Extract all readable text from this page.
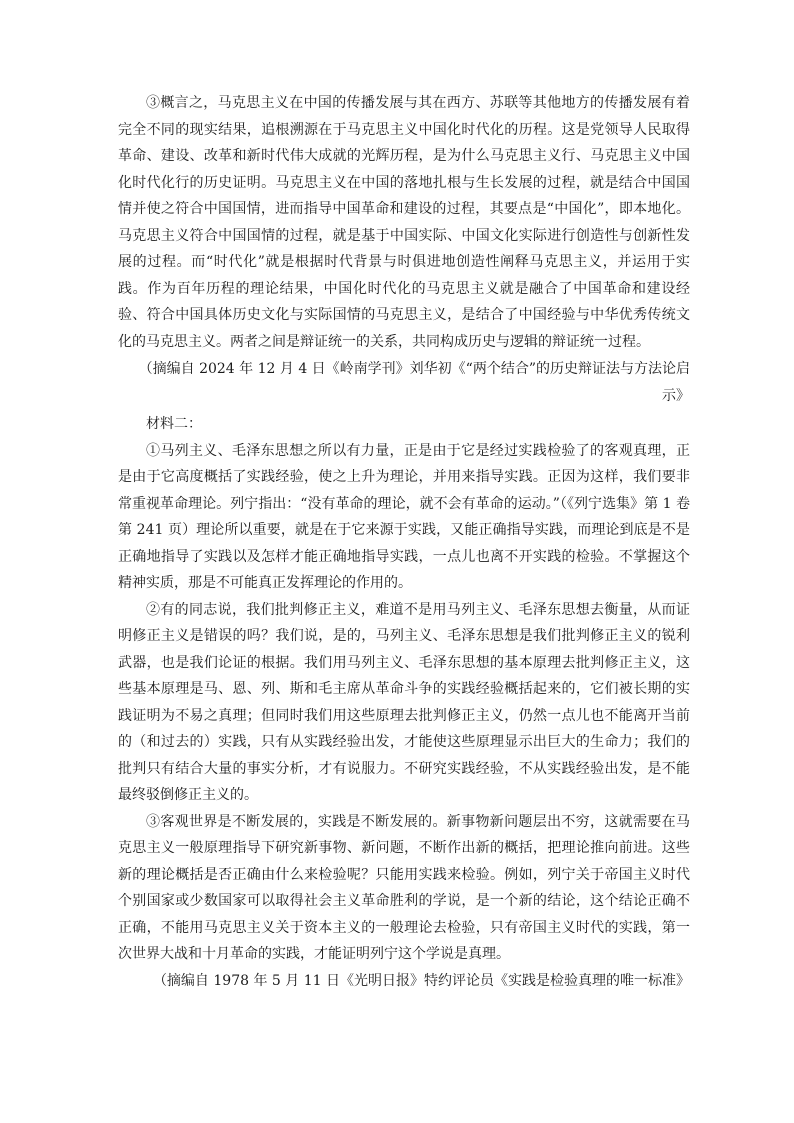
③概言之，马克思主义在中国的传播发展与其在西方、苏联等其他地方的传播发展有着完全不同的现实结果，追根溯源在于马克思主义中国化时代化的历程。这是党领导人民取得革命、建设、改革和新时代伟大成就的光辉历程，是为什么马克思主义行、马克思主义中国化时代化行的历史证明。马克思主义在中国的落地扎根与生长发展的过程，就是结合中国国情并使之符合中国国情，进而指导中国革命和建设的过程，其要点是“中国化”，即本地化。马克思主义符合中国国情的过程，就是基于中国实际、中国文化实际进行创造性与创新性发展的过程。而“时代化”就是根据时代背景与时俱进地创造性阐释马克思主义，并运用于实践。作为百年历程的理论结果，中国化时代化的马克思主义就是融合了中国革命和建设经验、符合中国具体历史文化与实际国情的马克思主义，是结合了中国经验与中华优秀传统文化的马克思主义。两者之间是辩证统一的关系，共同构成历史与逻辑的辩证统一过程。

（摘编自 2024 年 12 月 4 日《岭南学刊》刘华初《“两个结合”的历史辩证法与方法论启示》

材料二：

①马列主义、毛泽东思想之所以有力量，正是由于它是经过实践检验了的客观真理，正是由于它高度概括了实践经验，使之上升为理论，并用来指导实践。正因为这样，我们要非常重视革命理论。列宁指出：“没有革命的理论，就不会有革命的运动。”（《列宁选集》第 1 卷第 241 页）理论所以重要，就是在于它来源于实践，又能正确指导实践，而理论到底是不是正确地指导了实践以及怎样才能正确地指导实践，一点儿也离不开实践的检验。不掌握这个精神实质，那是不可能真正发挥理论的作用的。

②有的同志说，我们批判修正主义，难道不是用马列主义、毛泽东思想去衡量，从而证明修正主义是错误的吗？我们说，是的，马列主义、毛泽东思想是我们批判修正主义的锐利武器，也是我们论证的根据。我们用马列主义、毛泽东思想的基本原理去批判修正主义，这些基本原理是马、恩、列、斯和毛主席从革命斗争的实践经验概括起来的，它们被长期的实践证明为不易之真理；但同时我们用这些原理去批判修正主义，仍然一点儿也不能离开当前的（和过去的）实践，只有从实践经验出发，才能使这些原理显示出巨大的生命力；我们的批判只有结合大量的事实分析，才有说服力。不研究实践经验，不从实践经验出发，是不能最终驳倒修正主义的。

③客观世界是不断发展的，实践是不断发展的。新事物新问题层出不穷，这就需要在马克思主义一般原理指导下研究新事物、新问题，不断作出新的概括，把理论推向前进。这些新的理论概括是否正确由什么来检验呢？只能用实践来检验。例如，列宁关于帝国主义时代个别国家或少数国家可以取得社会主义革命胜利的学说，是一个新的结论，这个结论正确不正确，不能用马克思主义关于资本主义的一般理论去检验，只有帝国主义时代的实践，第一次世界大战和十月革命的实践，才能证明列宁这个学说是真理。

（摘编自 1978 年 5 月 11 日《光明日报》特约评论员《实践是检验真理的唯一标准》
